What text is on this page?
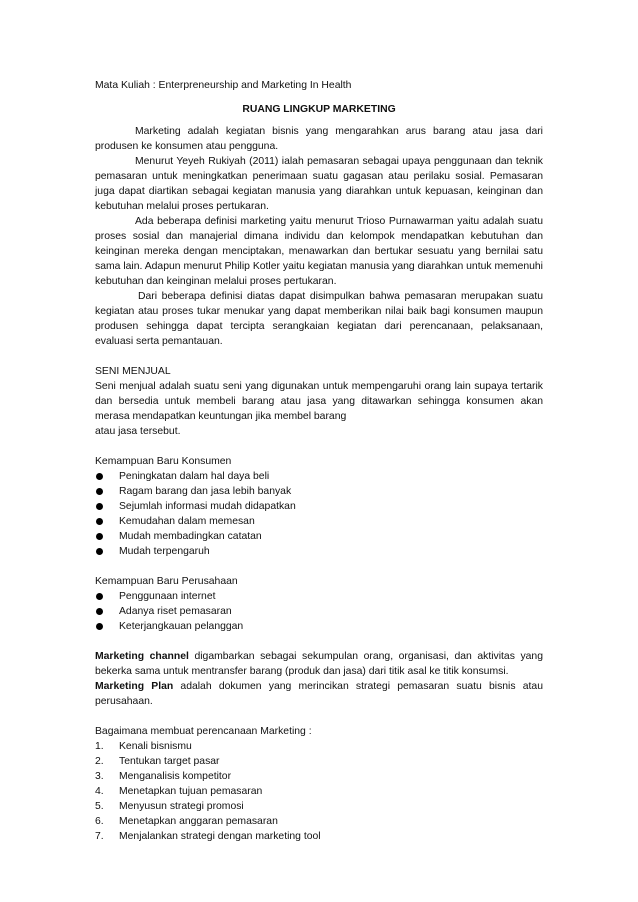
Mata Kuliah : Enterpreneurship and Marketing In Health

RUANG LINGKUP MARKETING

Marketing adalah kegiatan bisnis yang mengarahkan arus barang atau jasa dari produsen ke konsumen atau pengguna.

Menurut Yeyeh Rukiyah (2011) ialah pemasaran sebagai upaya penggunaan dan teknik pemasaran untuk meningkatkan penerimaan suatu gagasan atau perilaku sosial. Pemasaran juga dapat diartikan sebagai kegiatan manusia yang diarahkan untuk kepuasan, keinginan dan kebutuhan melalui proses pertukaran.

Ada beberapa definisi marketing yaitu menurut Trioso Purnawarman yaitu adalah suatu proses sosial dan manajerial dimana individu dan kelompok mendapatkan kebutuhan dan keinginan mereka dengan menciptakan, menawarkan dan bertukar sesuatu yang bernilai satu sama lain. Adapun menurut Philip Kotler yaitu kegiatan manusia yang diarahkan untuk memenuhi kebutuhan dan keinginan melalui proses pertukaran.

Dari beberapa definisi diatas dapat disimpulkan bahwa pemasaran merupakan suatu kegiatan atau proses tukar menukar yang dapat memberikan nilai baik bagi konsumen maupun produsen sehingga dapat tercipta serangkaian kegiatan dari perencanaan, pelaksanaan, evaluasi serta pemantauan.

SENI MENJUAL

Seni menjual adalah suatu seni yang digunakan untuk mempengaruhi orang lain supaya tertarik dan bersedia untuk membeli barang atau jasa yang ditawarkan sehingga konsumen akan merasa mendapatkan keuntungan jika membel barang

atau jasa tersebut.

Kemampuan Baru Konsumen

Peningkatan dalam hal daya beli
Ragam barang dan jasa lebih banyak
Sejumlah informasi mudah didapatkan
Kemudahan dalam memesan
Mudah membadingkan catatan
Mudah terpengaruh

Kemampuan Baru Perusahaan

Penggunaan internet
Adanya riset pemasaran
Keterjangkauan pelanggan

Marketing channel digambarkan sebagai sekumpulan orang, organisasi, dan aktivitas yang bekerka sama untuk mentransfer barang (produk dan jasa) dari titik asal ke titik konsumsi.

Marketing Plan adalah dokumen yang merincikan strategi pemasaran suatu bisnis atau perusahaan.

Bagaimana membuat perencanaan Marketing :

1. Kenali bisnismu
2. Tentukan target pasar
3. Menganalisis kompetitor
4. Menetapkan tujuan pemasaran
5. Menyusun strategi promosi
6. Menetapkan anggaran pemasaran
7. Menjalankan strategi dengan marketing tool
